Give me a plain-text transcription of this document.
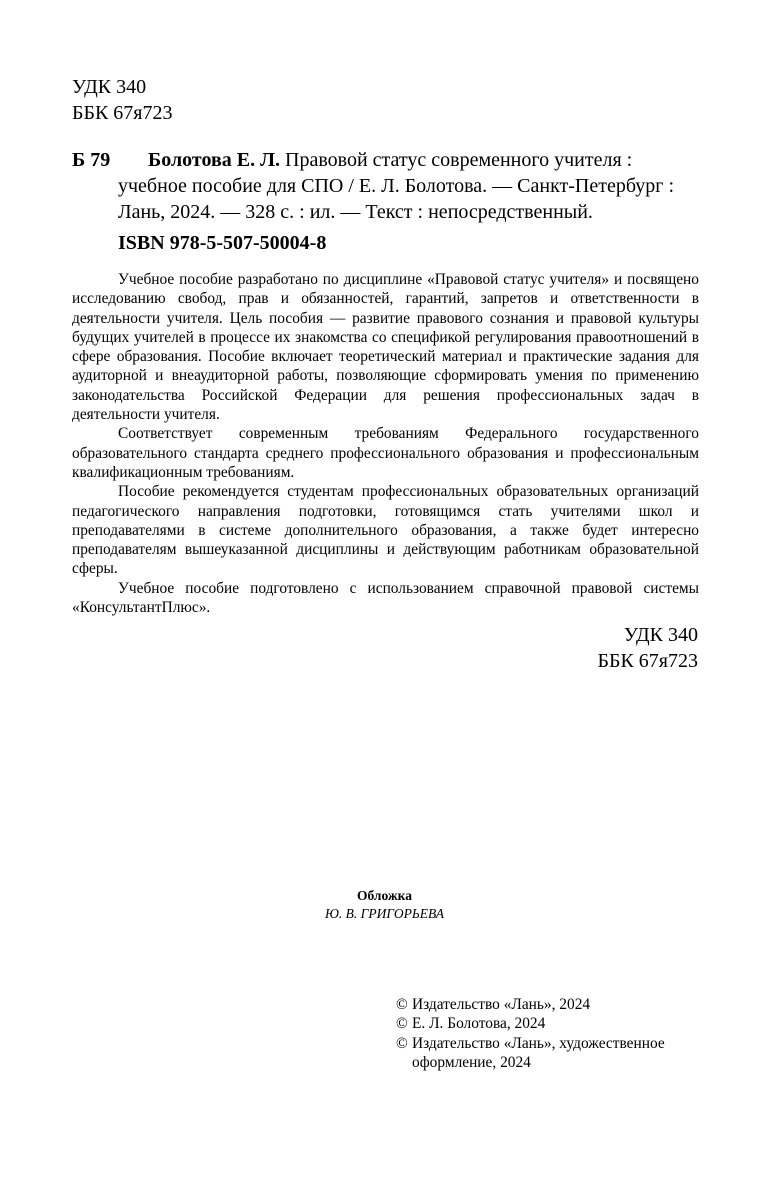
УДК 340
ББК 67я723
Б 79	Болотова Е. Л. Правовой статус современного учителя :
учебное пособие для СПО / Е. Л. Болотова. — Санкт-Петербург :
Лань, 2024. — 328 с. : ил. — Текст : непосредственный.
ISBN 978-5-507-50004-8

Учебное пособие разработано по дисциплине «Правовой статус учителя» и посвящено исследованию свобод, прав и обязанностей, гарантий, запретов и ответственности в деятельности учителя. Цель пособия — развитие правового сознания и правовой культуры будущих учителей в процессе их знакомства со спецификой регулирования правоотношений в сфере образования. Пособие включает теоретический материал и практические задания для аудиторной и внеаудиторной работы, позволяющие сформировать умения по применению законодательства Российской Федерации для решения профессиональных задач в деятельности учителя.

Соответствует современным требованиям Федерального государственного образовательного стандарта среднего профессионального образования и профессиональным квалификационным требованиям.

Пособие рекомендуется студентам профессиональных образовательных организаций педагогического направления подготовки, готовящимся стать учителями школ и преподавателями в системе дополнительного образования, а также будет интересно преподавателям вышеуказанной дисциплины и действующим работникам образовательной сферы.

Учебное пособие подготовлено с использованием справочной правовой системы «КонсультантПлюс».

УДК 340
ББК 67я723
Обложка
Ю. В. ГРИГОРЬЕВА
© Издательство «Лань», 2024
© Е. Л. Болотова, 2024
© Издательство «Лань», художественное
оформление, 2024
